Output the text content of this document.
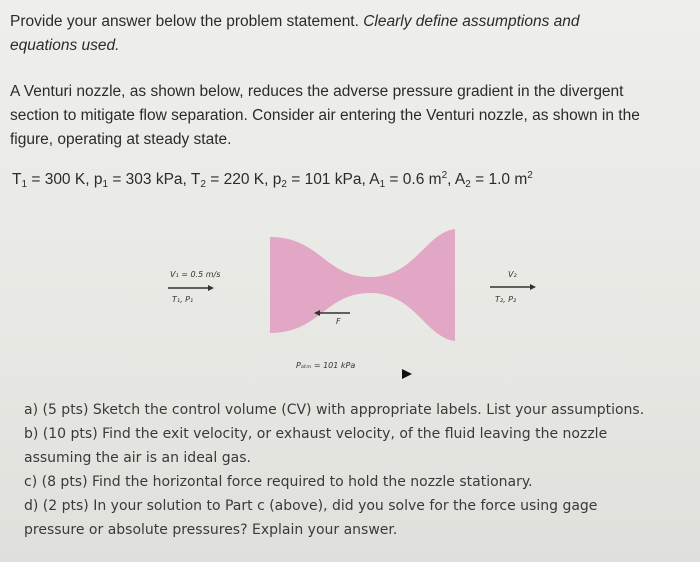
Provide your answer below the problem statement. Clearly define assumptions and equations used.

A Venturi nozzle, as shown below, reduces the adverse pressure gradient in the divergent section to mitigate flow separation. Consider air entering the Venturi nozzle, as shown in the figure, operating at steady state.

$T_1 = 300$ K, $p_1 = 303$ kPa, $T_2 = 220$ K, $p_2 = 101$ kPa, $A_1 = 0.6$ $m^2$, $A_2 = 1.0$ $m^2$
V₁ = 0.5 m/s
T₁, P₁
V₂
T₂, P₂
F
Pₐₜₘ = 101 kPa
a) (5 pts) Sketch the control volume (CV) with appropriate labels. List your assumptions.
b) (10 pts) Find the exit velocity, or exhaust velocity, of the fluid leaving the nozzle
assuming the air is an ideal gas.
c) (8 pts) Find the horizontal force required to hold the nozzle stationary.
d) (2 pts) In your solution to Part c (above), did you solve for the force using gage
pressure or absolute pressures? Explain your answer.
